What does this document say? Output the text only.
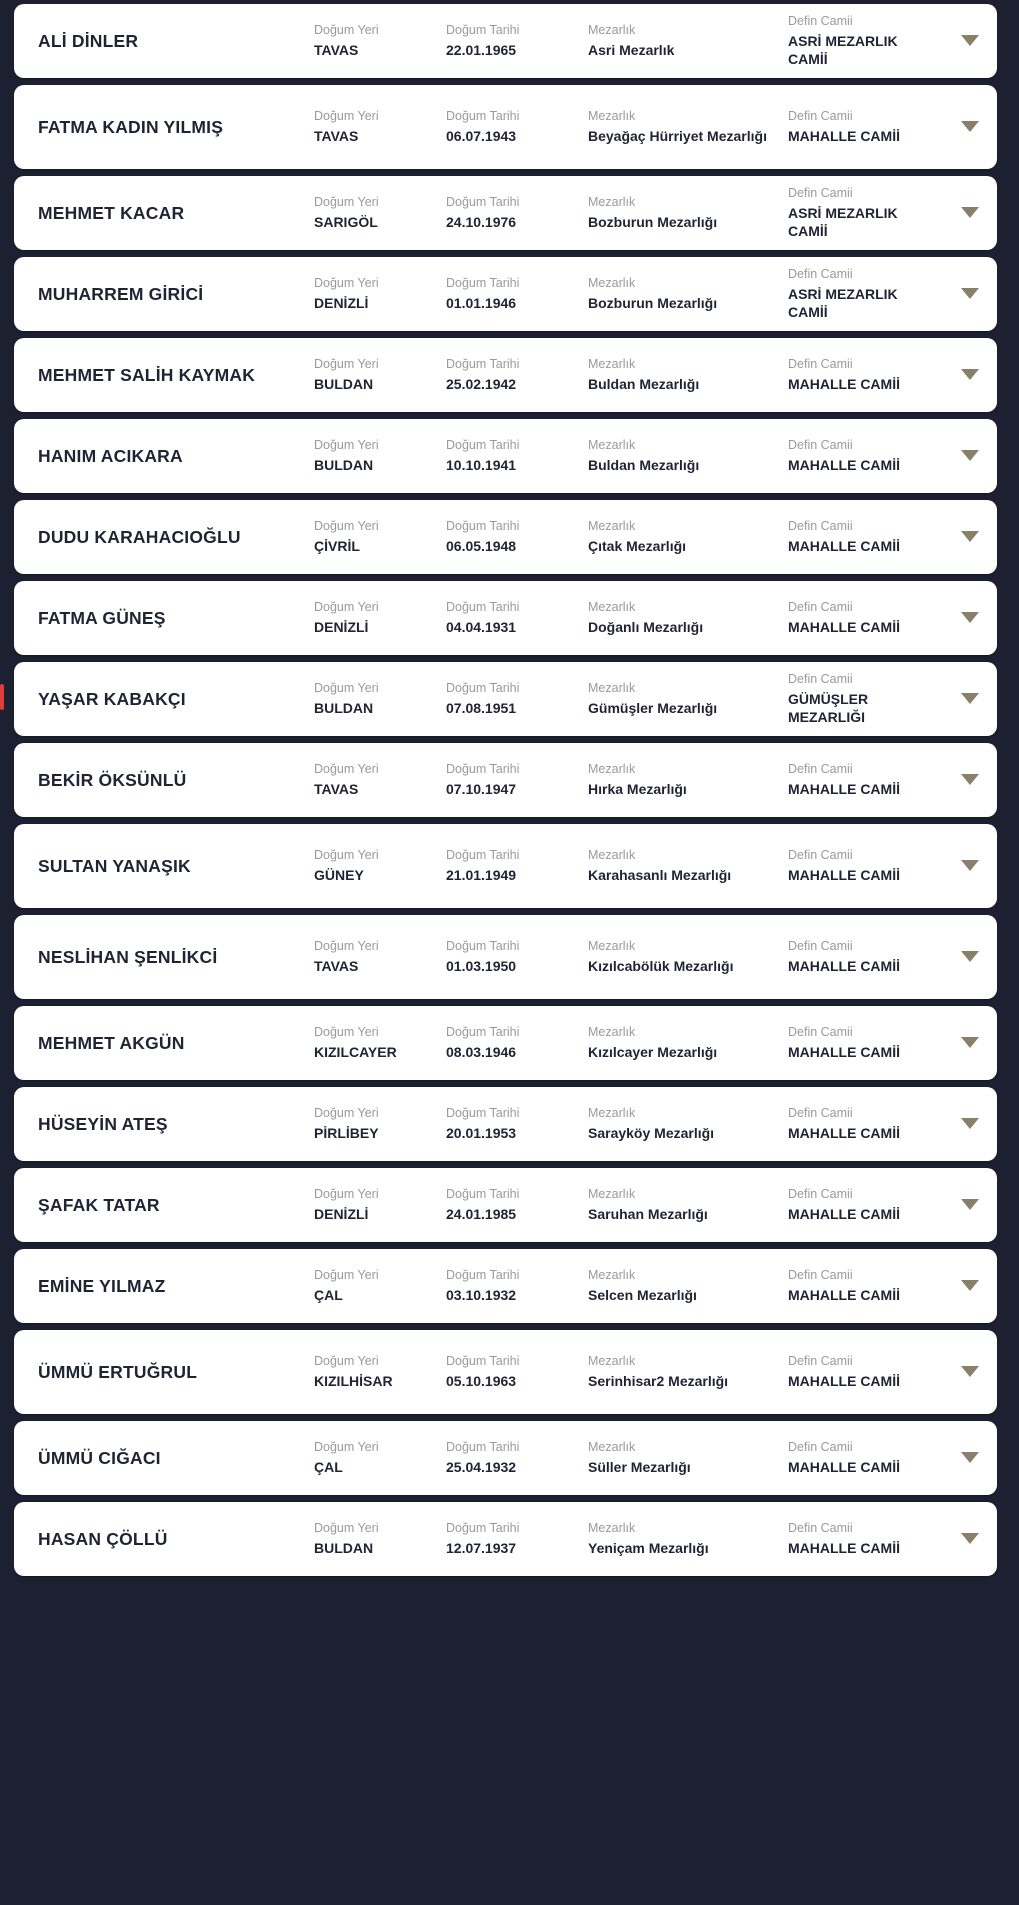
ALİ DİNLER
Doğum Yeri
TAVAS
Doğum Tarihi
22.01.1965
Mezarlık
Asri Mezarlık
Defin Camii
ASRİ MEZARLIK CAMİİ
FATMA KADIN YILMIŞ
Doğum Yeri
TAVAS
Doğum Tarihi
06.07.1943
Mezarlık
Beyağaç Hürriyet Mezarlığı
Defin Camii
MAHALLE CAMİİ
MEHMET KACAR
Doğum Yeri
SARIGÖL
Doğum Tarihi
24.10.1976
Mezarlık
Bozburun Mezarlığı
Defin Camii
ASRİ MEZARLIK CAMİİ
MUHARREM GİRİCİ
Doğum Yeri
DENİZLİ
Doğum Tarihi
01.01.1946
Mezarlık
Bozburun Mezarlığı
Defin Camii
ASRİ MEZARLIK CAMİİ
MEHMET SALİH KAYMAK
Doğum Yeri
BULDAN
Doğum Tarihi
25.02.1942
Mezarlık
Buldan Mezarlığı
Defin Camii
MAHALLE CAMİİ
HANIM ACIKARA
Doğum Yeri
BULDAN
Doğum Tarihi
10.10.1941
Mezarlık
Buldan Mezarlığı
Defin Camii
MAHALLE CAMİİ
DUDU KARAHACIOĞLU
Doğum Yeri
ÇİVRİL
Doğum Tarihi
06.05.1948
Mezarlık
Çıtak Mezarlığı
Defin Camii
MAHALLE CAMİİ
FATMA GÜNEŞ
Doğum Yeri
DENİZLİ
Doğum Tarihi
04.04.1931
Mezarlık
Doğanlı Mezarlığı
Defin Camii
MAHALLE CAMİİ
YAŞAR KABAKÇI
Doğum Yeri
BULDAN
Doğum Tarihi
07.08.1951
Mezarlık
Gümüşler Mezarlığı
Defin Camii
GÜMÜŞLER MEZARLIĞI
BEKİR ÖKSÜNLÜ
Doğum Yeri
TAVAS
Doğum Tarihi
07.10.1947
Mezarlık
Hırka Mezarlığı
Defin Camii
MAHALLE CAMİİ
SULTAN YANAŞIK
Doğum Yeri
GÜNEY
Doğum Tarihi
21.01.1949
Mezarlık
Karahasanlı Mezarlığı
Defin Camii
MAHALLE CAMİİ
NESLİHAN ŞENLİKCİ
Doğum Yeri
TAVAS
Doğum Tarihi
01.03.1950
Mezarlık
Kızılcabölük Mezarlığı
Defin Camii
MAHALLE CAMİİ
MEHMET AKGÜN
Doğum Yeri
KIZILCAYER
Doğum Tarihi
08.03.1946
Mezarlık
Kızılcayer Mezarlığı
Defin Camii
MAHALLE CAMİİ
HÜSEYİN ATEŞ
Doğum Yeri
PİRLİBEY
Doğum Tarihi
20.01.1953
Mezarlık
Sarayköy Mezarlığı
Defin Camii
MAHALLE CAMİİ
ŞAFAK TATAR
Doğum Yeri
DENİZLİ
Doğum Tarihi
24.01.1985
Mezarlık
Saruhan Mezarlığı
Defin Camii
MAHALLE CAMİİ
EMİNE YILMAZ
Doğum Yeri
ÇAL
Doğum Tarihi
03.10.1932
Mezarlık
Selcen Mezarlığı
Defin Camii
MAHALLE CAMİİ
ÜMMÜ ERTUĞRUL
Doğum Yeri
KIZILHİSAR
Doğum Tarihi
05.10.1963
Mezarlık
Serinhisar2 Mezarlığı
Defin Camii
MAHALLE CAMİİ
ÜMMÜ CIĞACI
Doğum Yeri
ÇAL
Doğum Tarihi
25.04.1932
Mezarlık
Süller Mezarlığı
Defin Camii
MAHALLE CAMİİ
HASAN ÇÖLLÜ
Doğum Yeri
BULDAN
Doğum Tarihi
12.07.1937
Mezarlık
Yeniçam Mezarlığı
Defin Camii
MAHALLE CAMİİ
